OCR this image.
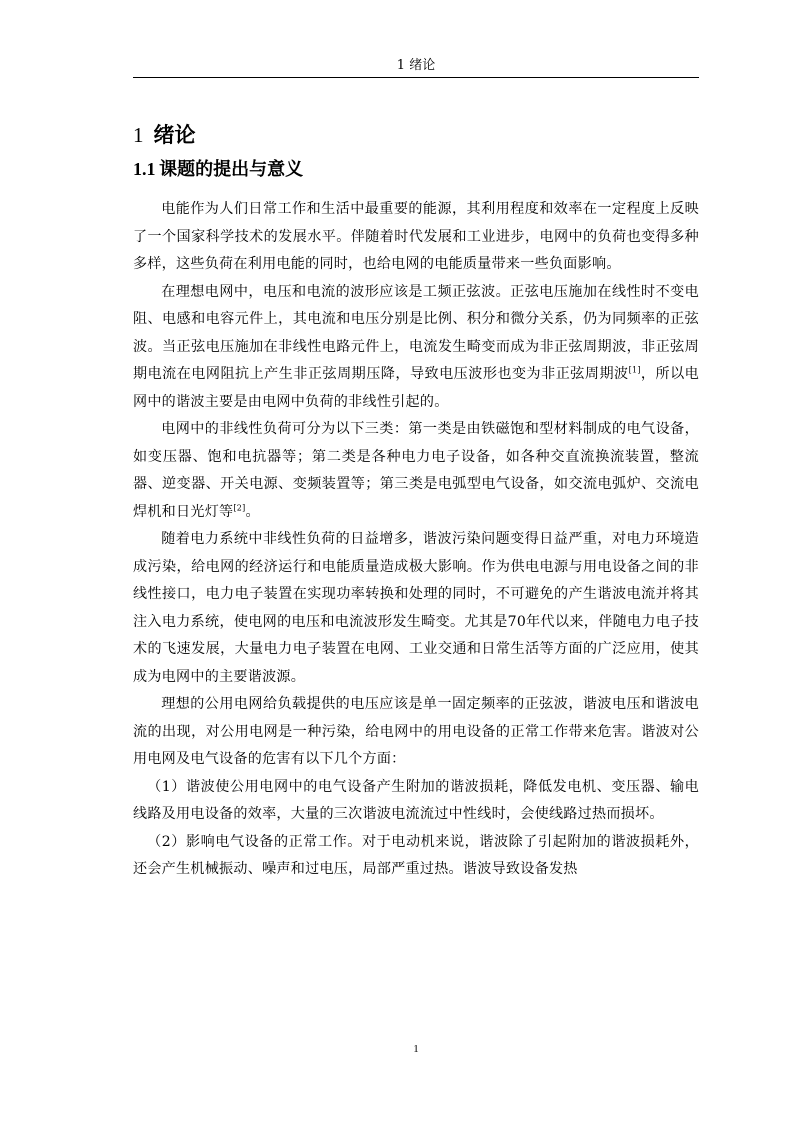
1 绪论
1 绪论
1.1  课题的提出与意义

电能作为人们日常工作和生活中最重要的能源，其利用程度和效率在一定程度上反映了一个国家科学技术的发展水平。伴随着时代发展和工业进步，电网中的负荷也变得多种多样，这些负荷在利用电能的同时，也给电网的电能质量带来一些负面影响。

在理想电网中，电压和电流的波形应该是工频正弦波。正弦电压施加在线性时不变电阻、电感和电容元件上，其电流和电压分别是比例、积分和微分关系，仍为同频率的正弦波。当正弦电压施加在非线性电路元件上，电流发生畸变而成为非正弦周期波，非正弦周期电流在电网阻抗上产生非正弦周期压降，导致电压波形也变为非正弦周期波[1]，所以电网中的谐波主要是由电网中负荷的非线性引起的。

电网中的非线性负荷可分为以下三类：第一类是由铁磁饱和型材料制成的电气设备，如变压器、饱和电抗器等；第二类是各种电力电子设备，如各种交直流换流装置，整流器、逆变器、开关电源、变频装置等；第三类是电弧型电气设备，如交流电弧炉、交流电焊机和日光灯等[2]。

随着电力系统中非线性负荷的日益增多，谐波污染问题变得日益严重，对电力环境造成污染，给电网的经济运行和电能质量造成极大影响。作为供电电源与用电设备之间的非线性接口，电力电子装置在实现功率转换和处理的同时，不可避免的产生谐波电流并将其注入电力系统，使电网的电压和电流波形发生畸变。尤其是70年代以来，伴随电力电子技术的飞速发展，大量电力电子装置在电网、工业交通和日常生活等方面的广泛应用，使其成为电网中的主要谐波源。

理想的公用电网给负载提供的电压应该是单一固定频率的正弦波，谐波电压和谐波电流的出现，对公用电网是一种污染，给电网中的用电设备的正常工作带来危害。谐波对公用电网及电气设备的危害有以下几个方面：

（1）谐波使公用电网中的电气设备产生附加的谐波损耗，降低发电机、变压器、输电线路及用电设备的效率，大量的三次谐波电流流过中性线时，会使线路过热而损坏。

（2）影响电气设备的正常工作。对于电动机来说，谐波除了引起附加的谐波损耗外，还会产生机械振动、噪声和过电压，局部严重过热。谐波导致设备发热

1
